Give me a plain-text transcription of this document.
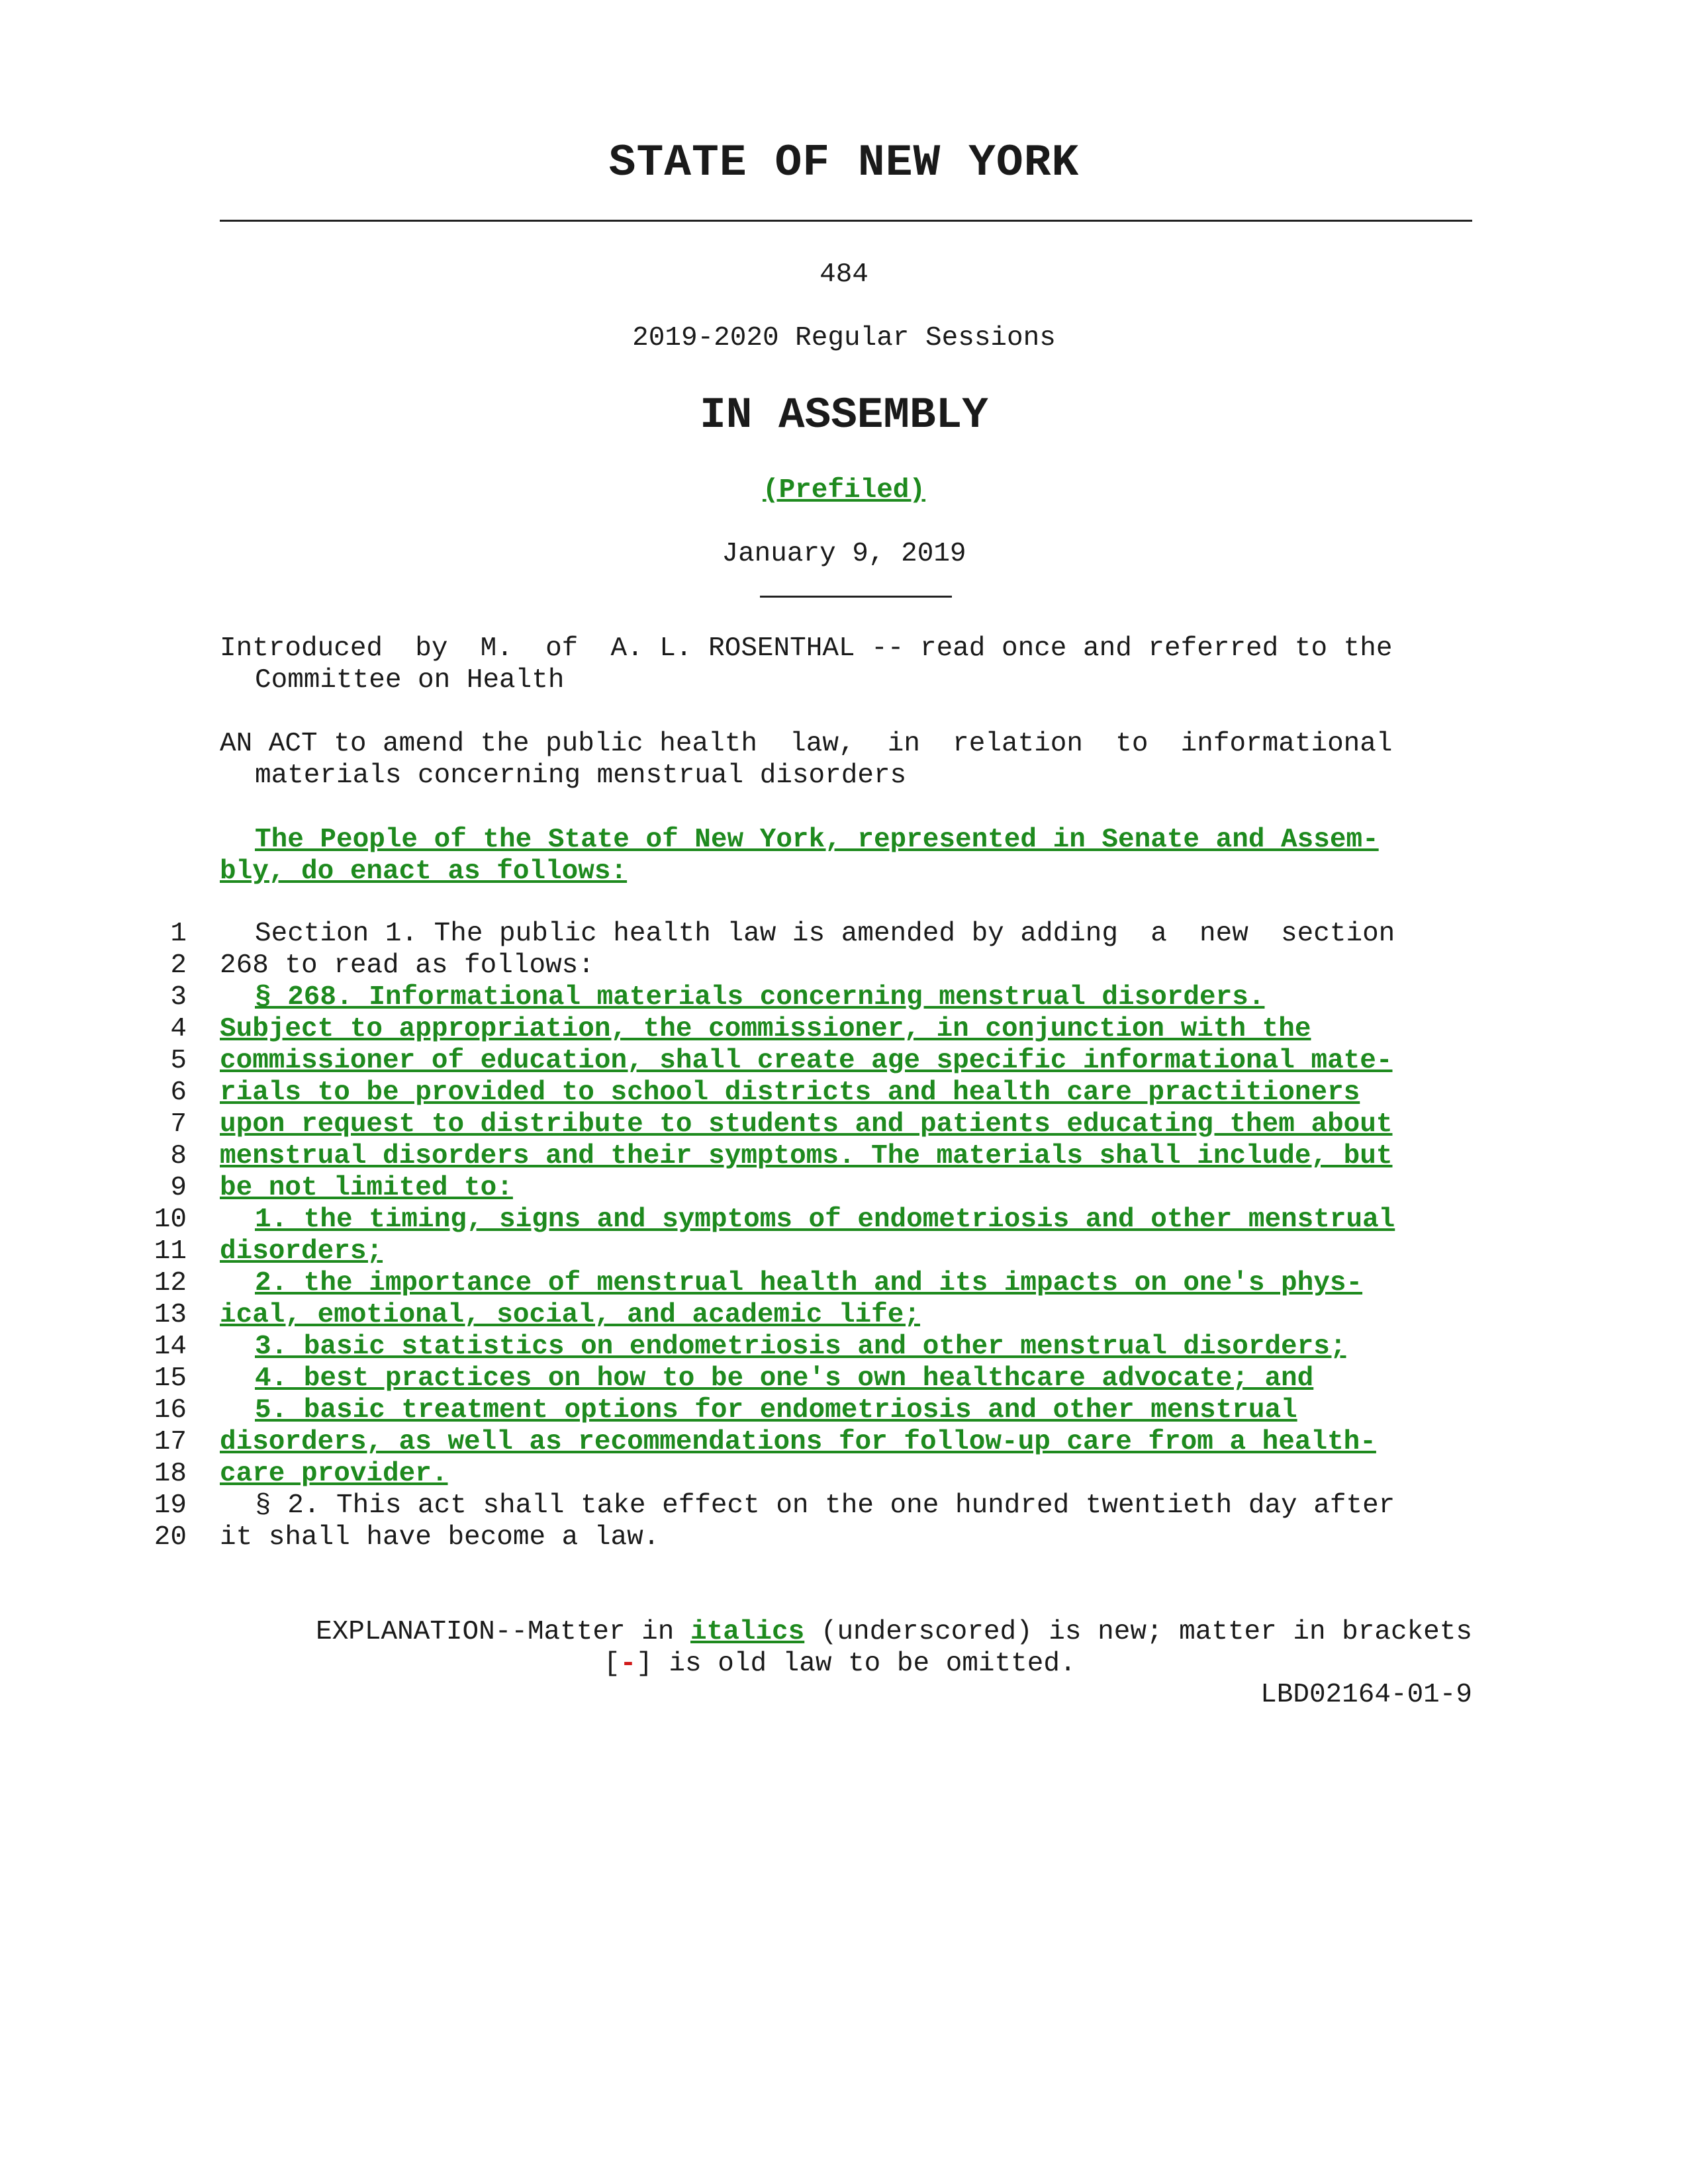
STATE OF NEW YORK
484
2019-2020 Regular Sessions
IN ASSEMBLY
(Prefiled)
January 9, 2019
Introduced  by  M.  of  A. L. ROSENTHAL -- read once and referred to the
Committee on Health
AN ACT to amend the public health  law,  in  relation  to  informational
materials concerning menstrual disorders
The People of the State of New York, represented in Senate and Assem-
bly, do enact as follows:
1	Section 1. The public health law is amended by adding  a  new  section
2 268 to read as follows:
3	§ 268. Informational materials concerning menstrual disorders.
4 Subject to appropriation, the commissioner, in conjunction with the
5 commissioner of education, shall create age specific informational mate-
6 rials to be provided to school districts and health care practitioners
7 upon request to distribute to students and patients educating them about
8 menstrual disorders and their symptoms. The materials shall include, but
9 be not limited to:
10	1. the timing, signs and symptoms of endometriosis and other menstrual
11 disorders;
12	2. the importance of menstrual health and its impacts on one's phys-
13 ical, emotional, social, and academic life;
14	3. basic statistics on endometriosis and other menstrual disorders;
15	4. best practices on how to be one's own healthcare advocate; and
16	5. basic treatment options for endometriosis and other menstrual
17 disorders, as well as recommendations for follow-up care from a health-
18 care provider.
19	§ 2. This act shall take effect on the one hundred twentieth day after
20 it shall have become a law.
EXPLANATION--Matter in italics (underscored) is new; matter in brackets
[-] is old law to be omitted.
LBD02164-01-9
